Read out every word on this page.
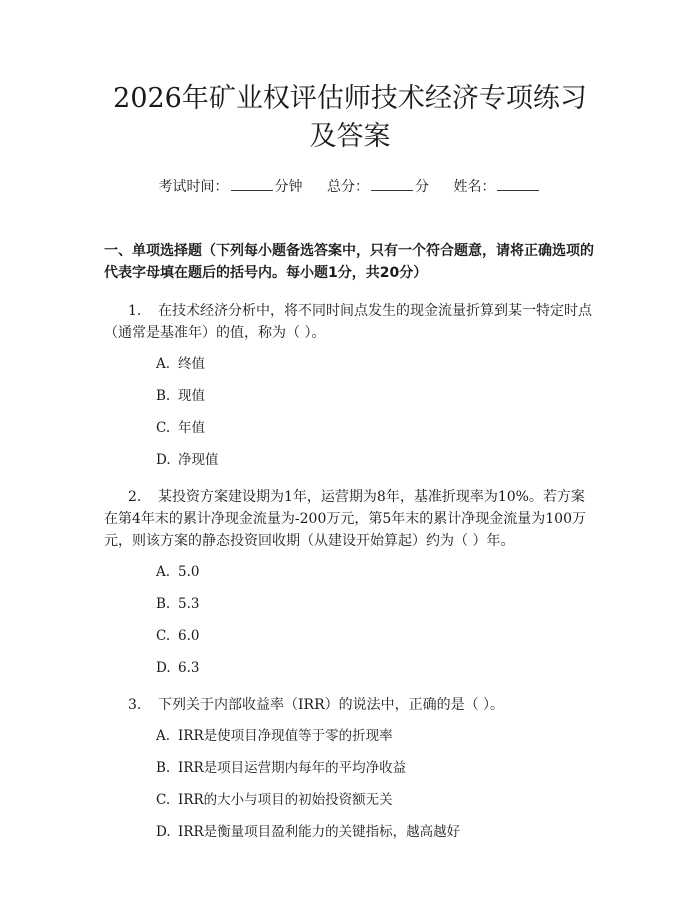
2026年矿业权评估师技术经济专项练习及答案
考试时间：	分钟 总分：	分 姓名：
一、单项选择题（下列每小题备选答案中，只有一个符合题意，请将正确选项的代表字母填在题后的括号内。每小题1分，共20分）
1. 在技术经济分析中，将不同时间点发生的现金流量折算到某一特定时点（通常是基准年）的值，称为（ ）。
A. 终值
B. 现值
C. 年值
D. 净现值
2. 某投资方案建设期为1年，运营期为8年，基准折现率为10%。若方案在第4年末的累计净现金流量为-200万元，第5年末的累计净现金流量为100万元，则该方案的静态投资回收期（从建设开始算起）约为（ ）年。
A. 5.0
B. 5.3
C. 6.0
D. 6.3
3. 下列关于内部收益率（IRR）的说法中，正确的是（ ）。
A. IRR是使项目净现值等于零的折现率
B. IRR是项目运营期内每年的平均净收益
C. IRR的大小与项目的初始投资额无关
D. IRR是衡量项目盈利能力的关键指标，越高越好
